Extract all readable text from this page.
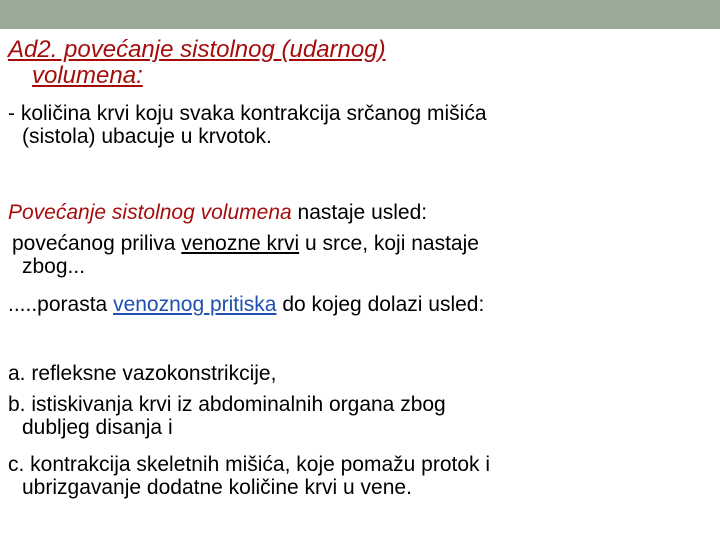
Ad2. povećanje sistolnog (udarnog)
volumena:
- količina krvi koju svaka kontrakcija srčanog mišića
(sistola) ubacuje u krvotok.
Povećanje sistolnog volumena nastaje usled:
povećanog priliva venozne krvi u srce, koji nastaje
zbog...
.....porasta venoznog pritiska do kojeg dolazi usled:
a. refleksne vazokonstrikcije,
b. istiskivanja krvi iz abdominalnih organa zbog
dubljeg disanja i
c. kontrakcija skeletnih mišića, koje pomažu protok i
ubrizgavanje dodatne količine krvi u vene.
